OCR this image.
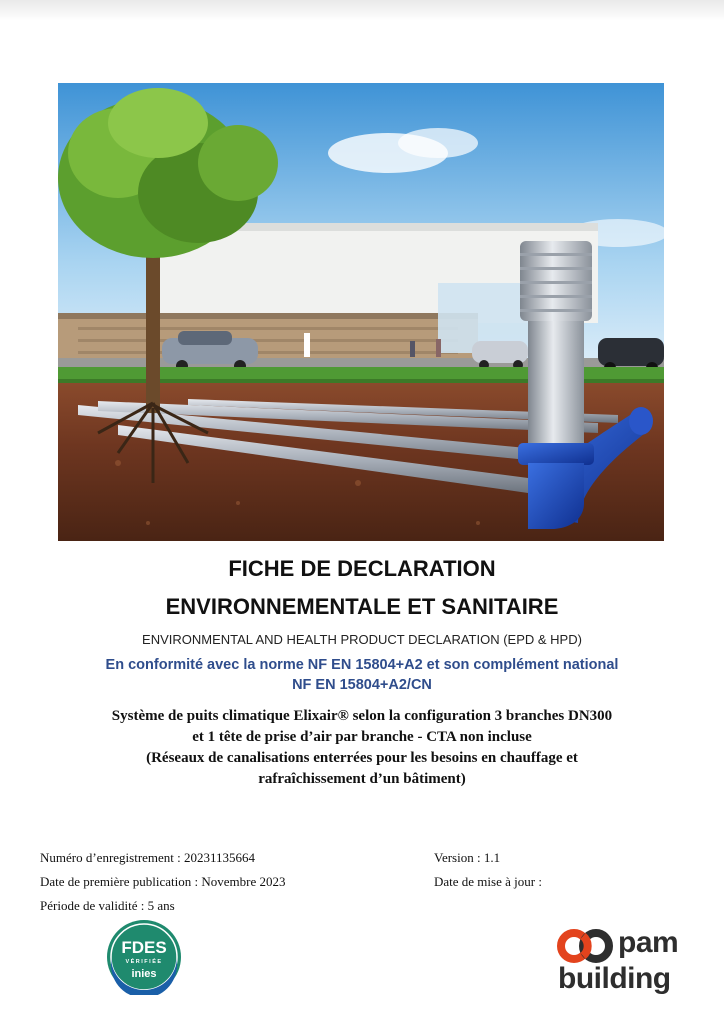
FICHE DE DECLARATION
ENVIRONNEMENTALE ET SANITAIRE
ENVIRONMENTAL AND HEALTH PRODUCT DECLARATION (EPD & HPD)
En conformité avec la norme NF EN 15804+A2 et son complément national
NF EN 15804+A2/CN
Système de puits climatique Elixair® selon la configuration 3 branches DN300
et 1 tête de prise d’air par branche - CTA non incluse
(Réseaux de canalisations enterrées pour les besoins en chauffage et
rafraîchissement d’un bâtiment)
Numéro d’enregistrement : 20231135664
Date de première publication : Novembre 2023
Période de validité : 5 ans
Version : 1.1
Date de mise à jour :
FDES
VÉRIFIÉE
inies
pam
building
